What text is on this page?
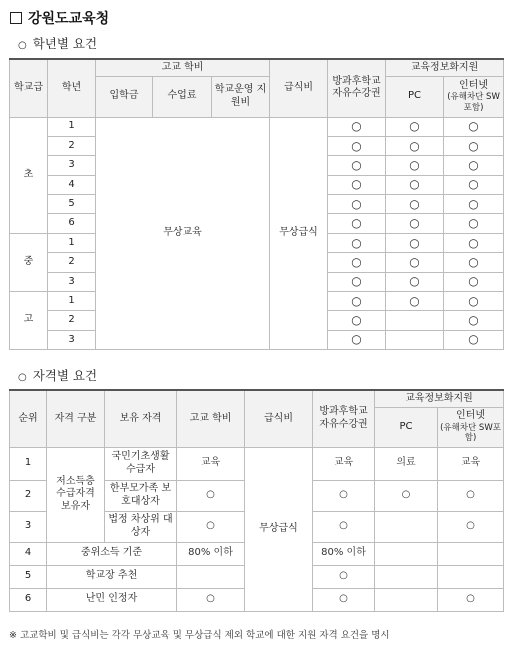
강원도교육청
○ 학년별 요건
학교급	학년	고교 학비			급식비	방과후학교 자유수강권	교육정보화지원	
		입학금	수업료	학교운영 지원비			PC	인터넷
(유해차단 SW포함)

초	1	무상교육			무상급식	○	○	○
	2					○	○	○
	3					○	○	○
	4					○	○	○
	5					○	○	○
	6					○	○	○
중	1					○	○	○
	2					○	○	○
	3					○	○	○
고	1					○	○	○
	2					○		○
	3					○		○
○ 자격별 요건
순위	자격 구분	보유 자격	고교 학비	급식비	방과후학교 자유수강권	교육정보화지원	
						PC	인터넷
(유해차단 SW포함)

1	저소득층 수급자격 보유자	국민기초생활 수급자	교육	무상급식	교육	의료	교육
2		한부모가족 보호대상자	○		○	○	○
3		법정 차상위 대상자	○		○		○
4	중위소득 기준		80% 이하		80% 이하		
5	학교장 추천				○		
6	난민 인정자		○		○		○
※ 고교학비 및 급식비는 각각 무상교육 및 무상급식 제외 학교에 대한 지원 자격 요건을 명시
